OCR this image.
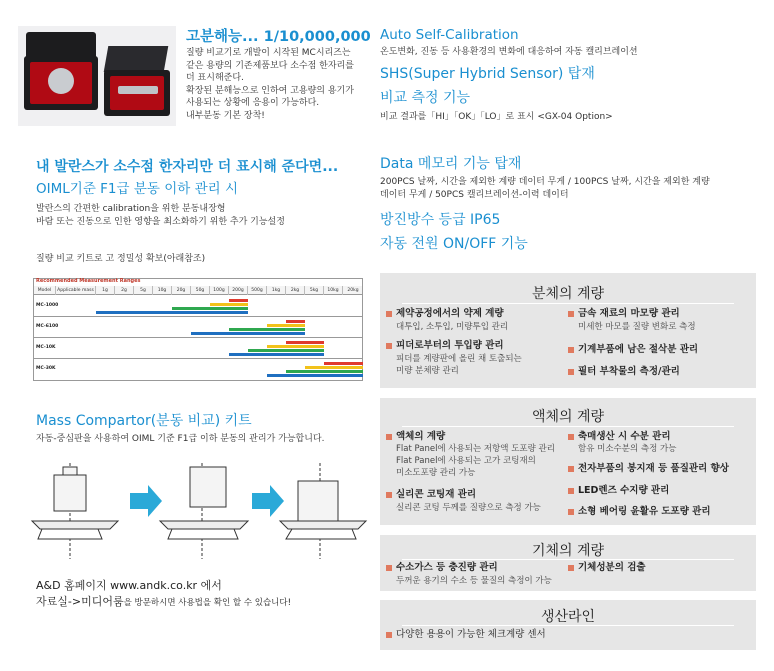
고분해능... 1/10,000,000
질량 비교기로 개발이 시작된 MC시리즈는
같은 용량의 기존제품보다 소수점 한자리를
더 표시해준다.
확장된 분해능으로 인하여 고용량의 용기가
사용되는 상황에 응용이 가능하다.
내부분동 기본 장착!
내 발란스가 소수점 한자리만 더 표시해 준다면...
OIML기준 F1급 분동 이하 관리 시
발란스의 간편한 calibration을 위한 분동내장형
바람 또는 진동으로 인한 영향을 최소화하기 위한 추가 기능설정
질량 비교 키트로 고 정밀성 확보(아래참조)
Recommended Measurement Ranges
Model	Applicable mass	1g	2g	5g	10g	20g	50g	100g	200g	500g	1kg	2kg	5kg	10kg	20kg
MC-1000
MC-6100
MC-10K
MC-30K
Mass Compartor(분동 비교) 키트
자동-중심판을 사용하여 OIML 기준 F1급 이하 분동의 관리가 가능합니다.
A&D 홈페이지 www.andk.co.kr 에서
자료실->미디어룸을 방문하시면 사용법을 확인 할 수 있습니다!
Auto Self-Calibration
온도변화, 진동 등 사용환경의 변화에 대응하여 자동 캘리브레이션
SHS(Super Hybrid Sensor) 탑재
비교 측정 기능
비교 결과를「HI」「OK」「LO」로 표시 <GX-04 Option>
Data 메모리 기능 탑재
200PCS 날짜, 시간을 제외한 계량 데이터 무게 / 100PCS 날짜, 시간을 제외한 계량
데이터 무게 / 50PCS 캘리브레이션-이력 데이터
방진방수 등급 IP65
자동 전원 ON/OFF 기능
분체의 계량
제약공정에서의 약제 계량
대투입, 소투입, 미량투입 관리
피더로부터의 투입량 관리
피더를 계량판에 올린 채 토출되는
미량 분체량 관리
금속 재료의 마모량 관리
미세한 마모를 질량 변화로 측정
기계부품에 남은 절삭분 관리
필터 부착물의 측정/관리
액체의 계량
액체의 계량
Flat Panel에 사용되는 저항액 도포량 관리
Flat Panel에 사용되는 고가 코팅재의
미소도포량 관리 가능
실리콘 코팅재 관리
실리콘 코팅 두께를 질량으로 측정 가능
축매생산 시 수분 관리
함유 미소수분의 측정 가능
전자부품의 봉지재 등 품질관리 향상
LED렌즈 수지량 관리
소형 베어링 윤활유 도포량 관리
기체의 계량
수소가스 등 충진량 관리
두꺼운 용기의 수소 등 물질의 측정이 가능
기체성분의 검출
생산라인
다양한 용용이 가능한 체크계량 센서
